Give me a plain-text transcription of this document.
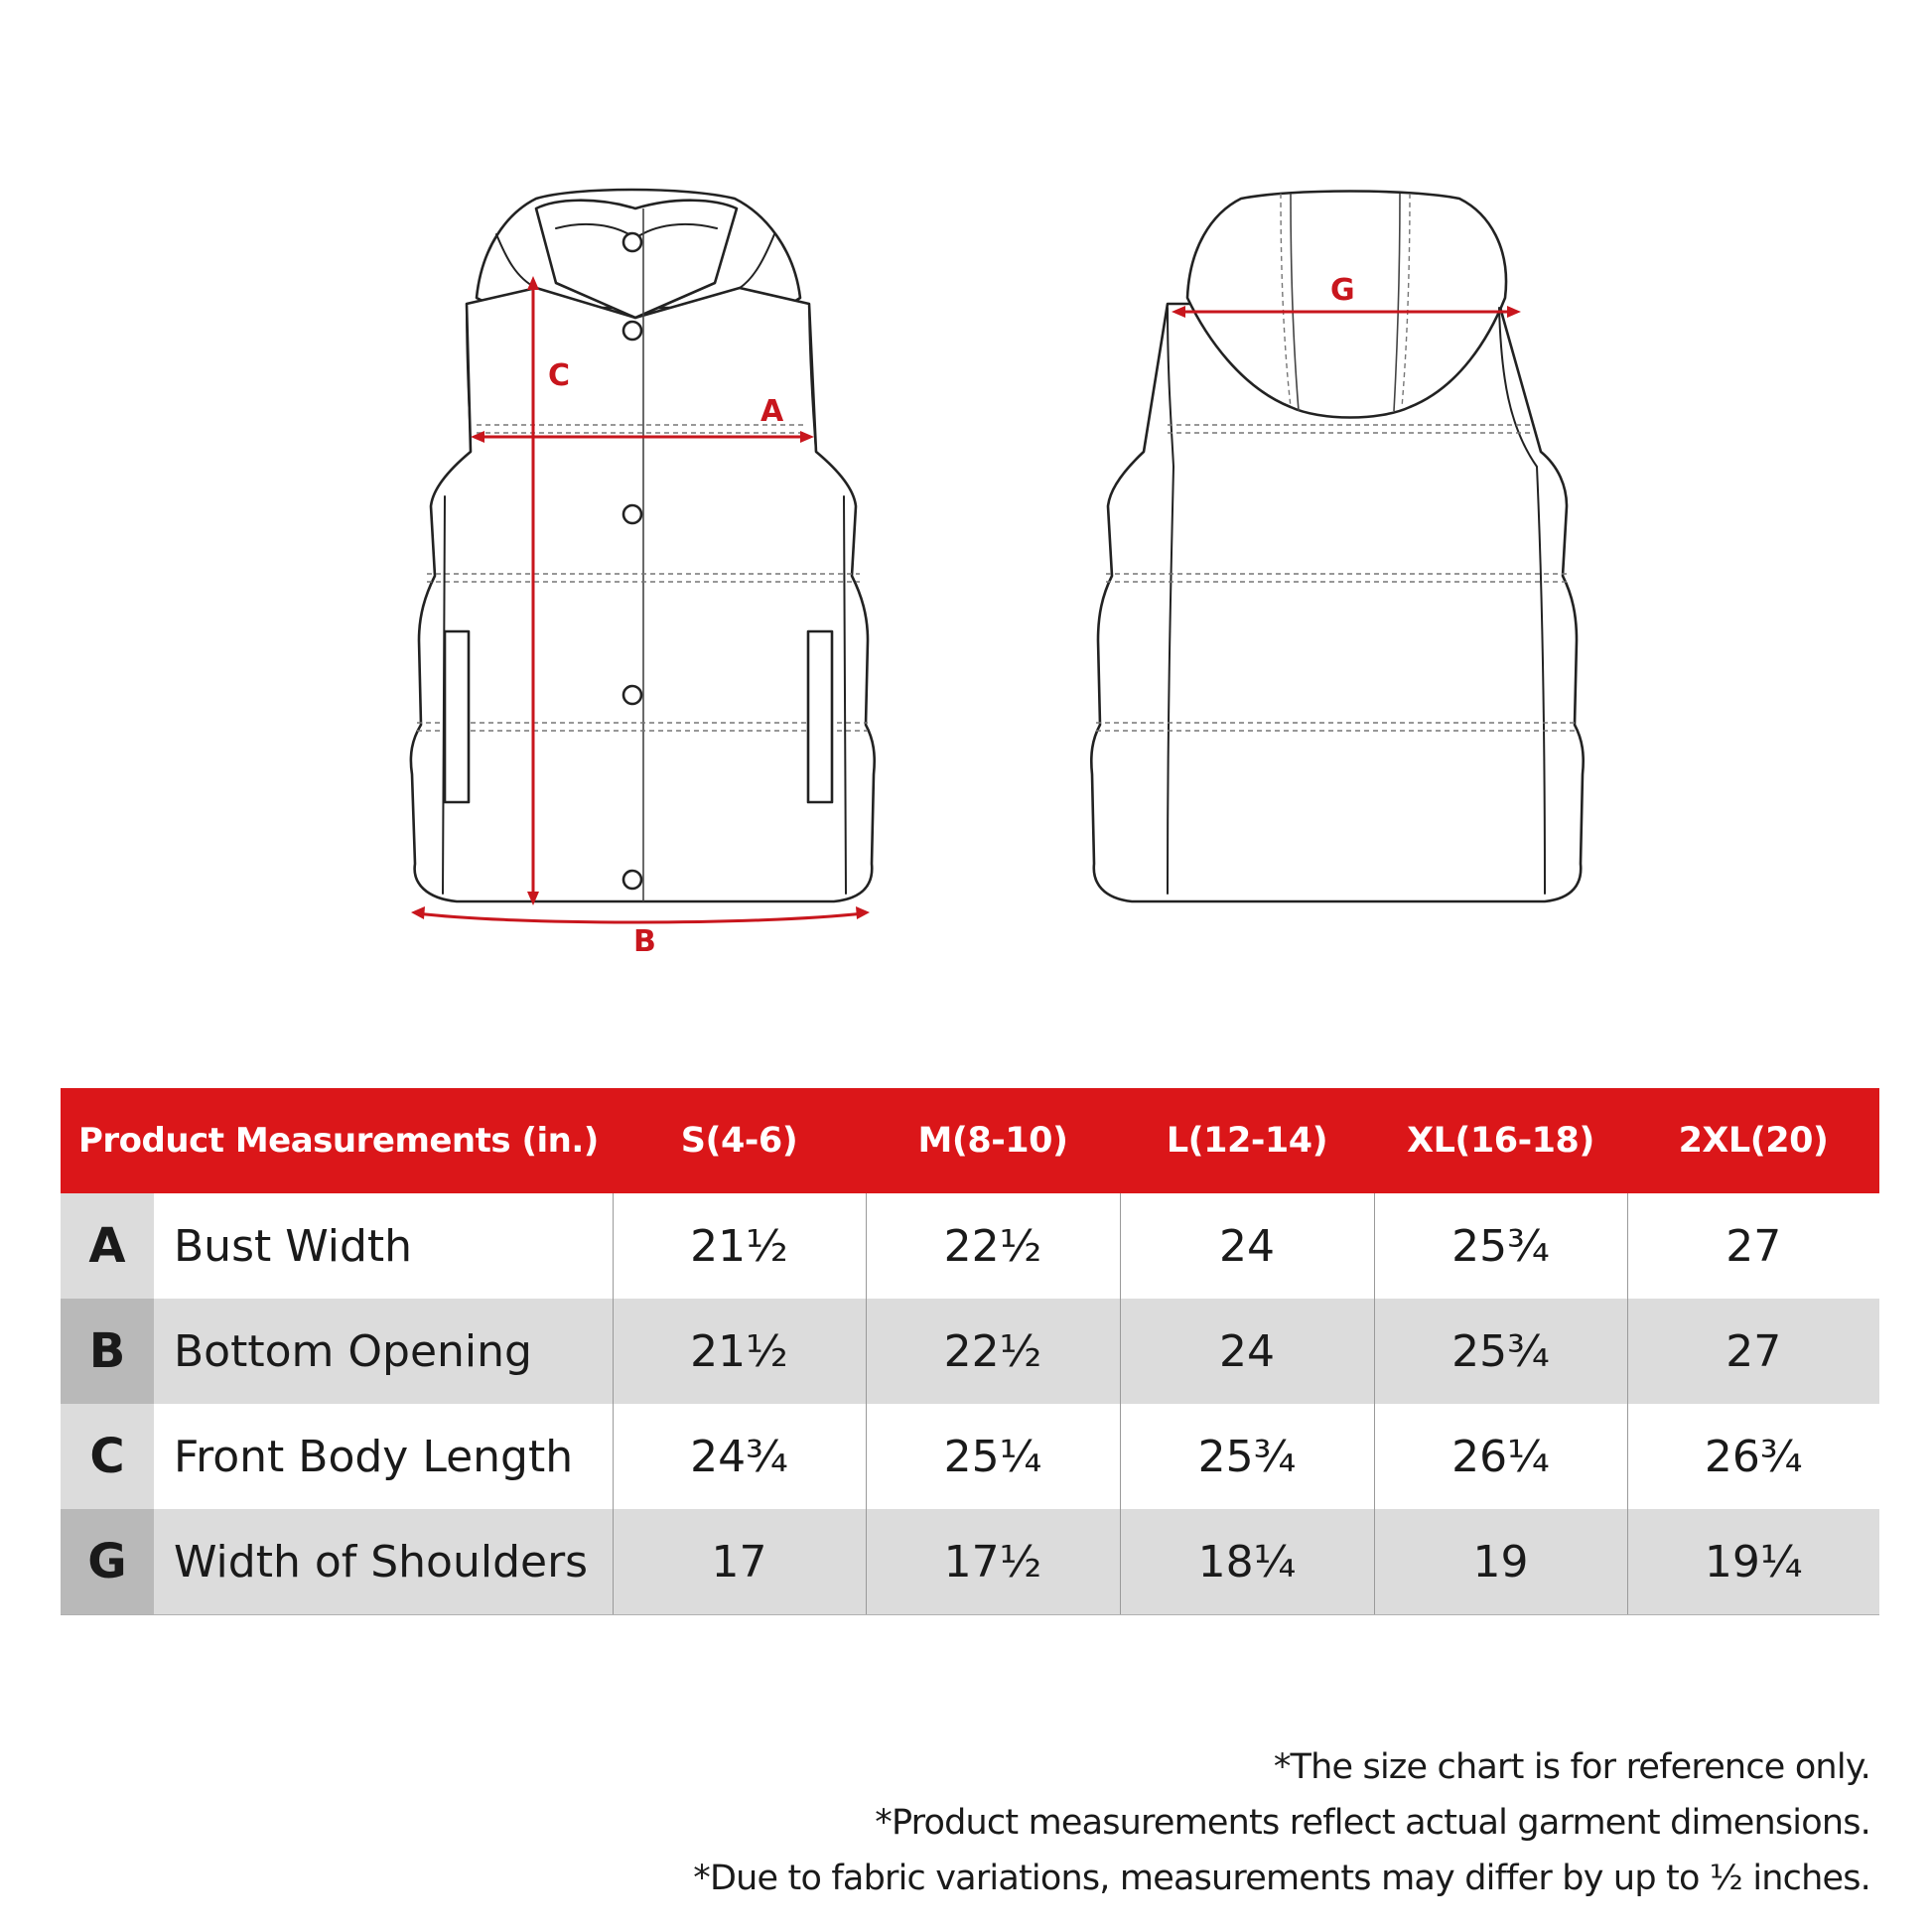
C
A
B
G
Product Measurements (in.)		S(4-6)	M(8-10)	L(12-14)	XL(16-18)	2XL(20)
A	Bust Width	21½	22½	24	25¾	27
B	Bottom Opening	21½	22½	24	25¾	27
C	Front Body Length	24¾	25¼	25¾	26¼	26¾
G	Width of Shoulders	17	17½	18¼	19	19¼
*The size chart is for reference only.
*Product measurements reflect actual garment dimensions.
*Due to fabric variations, measurements may differ by up to ½ inches.
